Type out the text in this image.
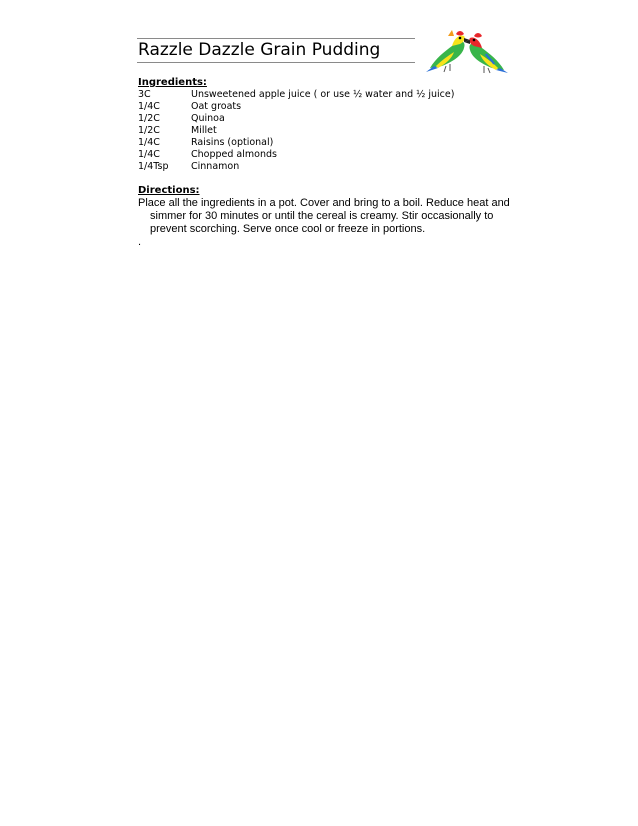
Razzle Dazzle Grain Pudding
Ingredients:
3C	Unsweetened apple juice ( or use ½ water and ½ juice)
1/4C	Oat groats
1/2C	Quinoa
1/2C	Millet
1/4C	Raisins (optional)
1/4C	Chopped almonds
1/4Tsp Cinnamon
Directions:
Place all the ingredients in a pot. Cover and bring to a boil. Reduce heat and simmer for 30 minutes or until the cereal is creamy. Stir occasionally to prevent scorching. Serve once cool or freeze in portions.
.
